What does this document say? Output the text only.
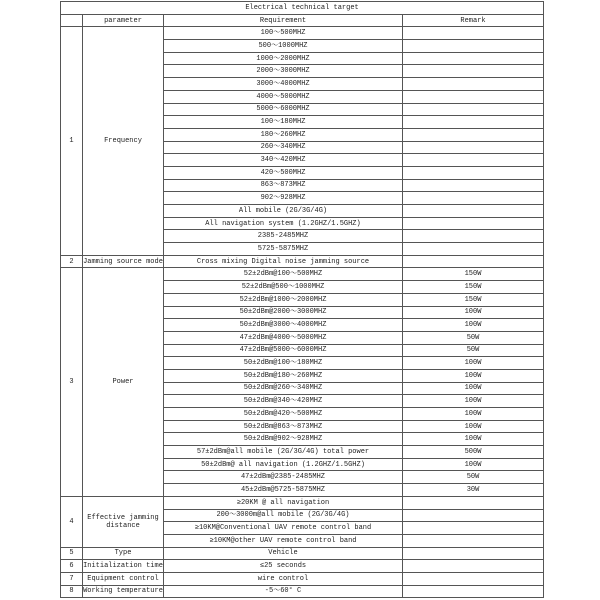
Electrical technical target			
	parameter	Requirement	Remark
1	Frequency	100～500MHZ	
		500～1000MHZ	
		1000～2000MHZ	
		2000～3000MHZ	
		3000～4000MHZ	
		4000～5000MHZ	
		5000～6000MHZ	
		100～180MHZ	
		180～260MHZ	
		260～340MHZ	
		340～420MHZ	
		420～500MHZ	
		863～873MHZ	
		902～928MHZ	
		All mobile (2G/3G/4G)	
		All navigation system (1.2GHZ/1.5GHZ)	
		2385-2485MHZ	
		5725-5875MHZ	
2	Jamming source mode	Cross mixing Digital noise jamming source	
3	Power	52±2dBm@100～500MHZ	150W
		52±2dBm@500～1000MHZ	150W
		52±2dBm@1000～2000MHZ	150W
		50±2dBm@2000～3000MHZ	100W
		50±2dBm@3000～4000MHZ	100W
		47±2dBm@4000～5000MHZ	50W
		47±2dBm@5000～6000MHZ	50W
		50±2dBm@100～180MHZ	100W
		50±2dBm@180～260MHZ	100W
		50±2dBm@260～340MHZ	100W
		50±2dBm@340～420MHZ	100W
		50±2dBm@420～500MHZ	100W
		50±2dBm@863～873MHZ	100W
		50±2dBm@902～928MHZ	100W
		57±2dBm@all mobile (2G/3G/4G) total power	500W
		50±2dBm@ all navigation (1.2GHZ/1.5GHZ)	100W
		47±2dBm@2385-2485MHZ	50W
		45±2dBm@5725-5875MHZ	30W
4	Effective jamming distance	≥20KM @ all navigation	
		200～3000m@all mobile (2G/3G/4G)	
		≥10KM@Conventional UAV remote control band	
		≥10KM@other UAV remote control band	
5	Type	Vehicle	
6	Initialization time	≤25 seconds	
7	Equipment control	wire control	
8	Working temperature	-5～60° C	
